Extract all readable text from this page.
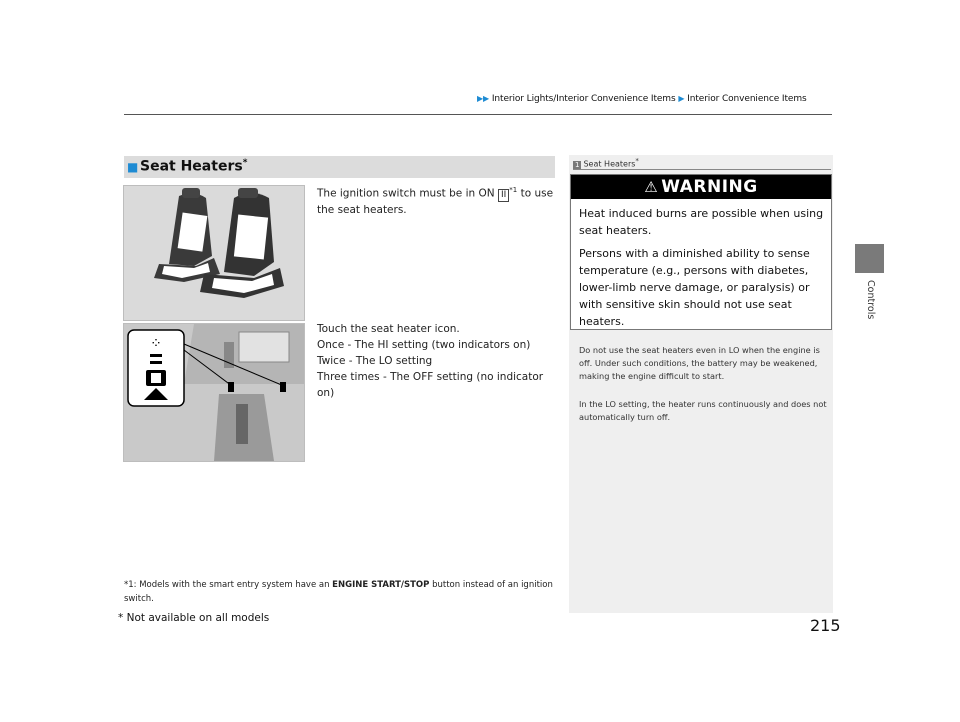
▶▶ Interior Lights/Interior Convenience Items ▶ Interior Convenience Items
Controls
■ Seat Heaters*
⁘
The ignition switch must be in ON II $^{*1}$ to use the seat heaters.
Touch the seat heater icon.
Once - The HI setting (two indicators on)
Twice - The LO setting
Three times - The OFF setting (no indicator on)
*1: Models with the smart entry system have an ENGINE START/STOP button instead of an ignition switch.
1 Seat Heaters*
⚠ WARNING
Heat induced burns are possible when using seat heaters.
Persons with a diminished ability to sense temperature (e.g., persons with diabetes, lower-limb nerve damage, or paralysis) or with sensitive skin should not use seat heaters.
Do not use the seat heaters even in LO when the engine is off. Under such conditions, the battery may be weakened, making the engine difficult to start.
In the LO setting, the heater runs continuously and does not automatically turn off.
* Not available on all models	215
